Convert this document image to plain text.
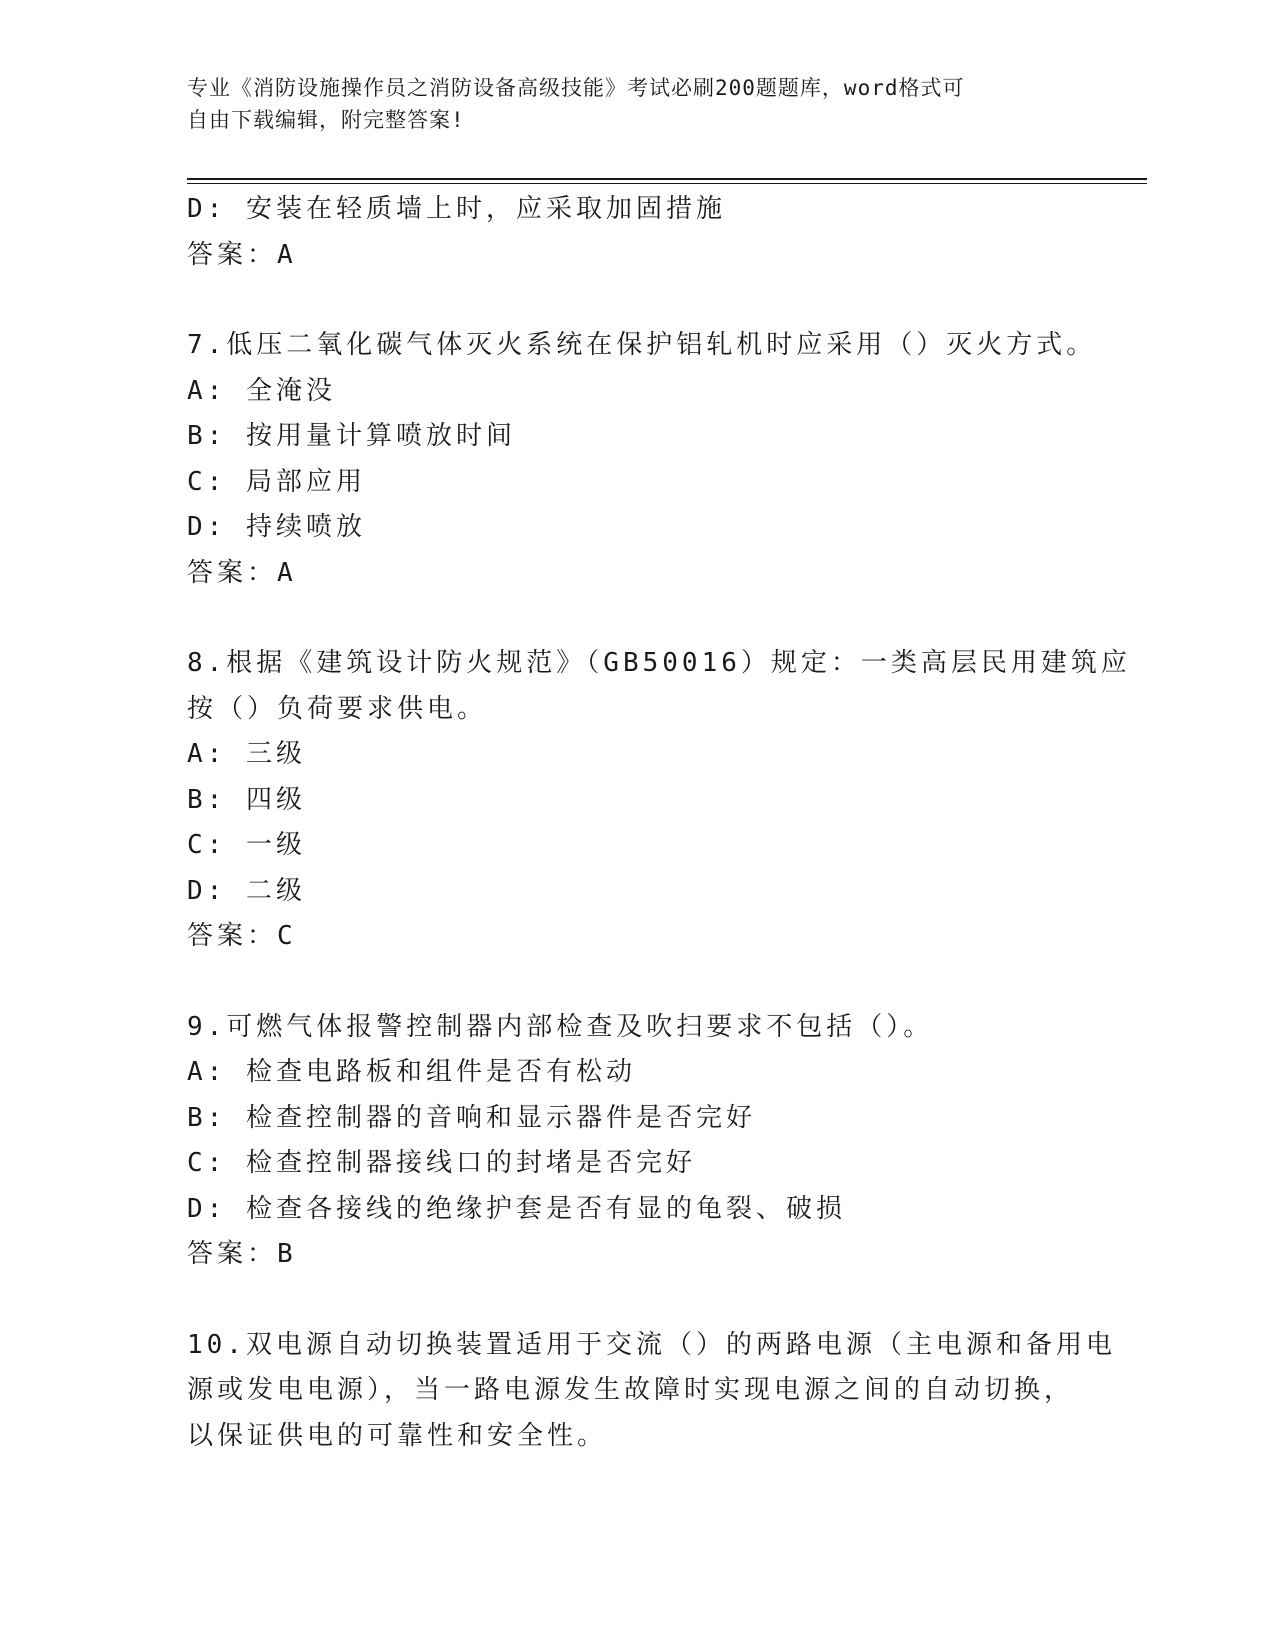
专业《消防设施操作员之消防设备高级技能》考试必刷200题题库，word格式可
自由下载编辑，附完整答案!
D: 安装在轻质墙上时，应采取加固措施
答案：A
7.低压二氧化碳气体灭火系统在保护铝轧机时应采用（）灭火方式。
A: 全淹没
B: 按用量计算喷放时间
C: 局部应用
D: 持续喷放
答案：A
8.根据《建筑设计防火规范》（GB50016）规定：一类高层民用建筑应
按（）负荷要求供电。
A: 三级
B: 四级
C: 一级
D: 二级
答案：C
9.可燃气体报警控制器内部检查及吹扫要求不包括（）。
A: 检查电路板和组件是否有松动
B: 检查控制器的音响和显示器件是否完好
C: 检查控制器接线口的封堵是否完好
D: 检查各接线的绝缘护套是否有显的龟裂、破损
答案：B
10.双电源自动切换装置适用于交流（）的两路电源（主电源和备用电
源或发电电源），当一路电源发生故障时实现电源之间的自动切换，
以保证供电的可靠性和安全性。
